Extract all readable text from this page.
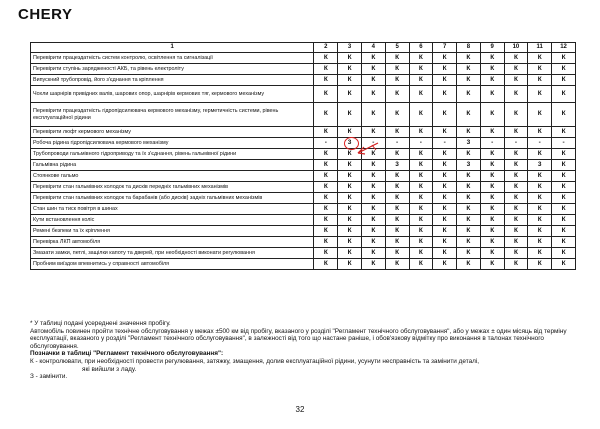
CHERY
1	2	3	4	5	6	7	8	9	10	11	12
Перевірити працездатність систем контролю, освітлення та сигналізації	К	К	К	К	К	К	К	К	К	К	К
Перевірити ступінь зарядженості АКБ, та рівень електроліту	К	К	К	К	К	К	К	К	К	К	К
Випускний трубопровід, його з'єднання та кріплення	К	К	К	К	К	К	К	К	К	К	К
Чохли шарнірів привідних валів, шарових опор, шарнірів кермових тяг, кермового механізму	К	К	К	К	К	К	К	К	К	К	К
Перевірити працездатність гідропідсилювача кермового механізму, герметичність системи, рівень експлуатаційної рідини	К	К	К	К	К	К	К	К	К	К	К
Перевірити люфт кермового механізму	К	К	К	К	К	К	К	К	К	К	К
Робоча рідина гідропідсилювача кермового механізму	-	3	-	-	-	-	3	-	-	-	-
Трубопроводи гальмівного гідроприводу та їх з'єднання, рівень гальмівної рідини	К	К	К	К	К	К	К	К	К	К	К
Гальмівна рідина	К	К	К	3	К	К	3	К	К	3	К
Стоянкове гальмо	К	К	К	К	К	К	К	К	К	К	К
Перевірити стан гальмівних колодок та дисків передніх гальмівних механізмів	К	К	К	К	К	К	К	К	К	К	К
Перевірити стан гальмівних колодок та барабанів (або дисків) задніх гальмівних механізмів	К	К	К	К	К	К	К	К	К	К	К
Стан шин та тиск повітря в шинах	К	К	К	К	К	К	К	К	К	К	К
Кути встановлення коліс	К	К	К	К	К	К	К	К	К	К	К
Ремені безпеки та їх кріплення	К	К	К	К	К	К	К	К	К	К	К
Перевірка ЛКП автомобіля	К	К	К	К	К	К	К	К	К	К	К
Змазати замки, петлі, защілки капоту та дверей, при необхідності виконати регулювання	К	К	К	К	К	К	К	К	К	К	К
Пробним виїздом впевнитись у справності автомобіля	К	К	К	К	К	К	К	К	К	К	К

* У таблиці подані усереднені значення пробігу.

Автомобіль повинен пройти технічне обслуговування у межах ±500 км від пробігу, вказаного у розділі "Регламент технічного обслуговування", або у межах ± один місяць від терміну експлуатації, вказаного у розділі "Регламент технічного обслуговування", в залежності від того що настане раніше, і обов'язкову відмітку про виконання в талонах технічного обслуговування.

Позначки в таблиці "Регламент технічного обслуговування":

К - контролювати, при необхідності провести регулювання, затяжку, змащення, долив експлуатаційної рідини, усунути несправність та замінити деталі,

які вийшли з ладу.

З - замінити.

32
